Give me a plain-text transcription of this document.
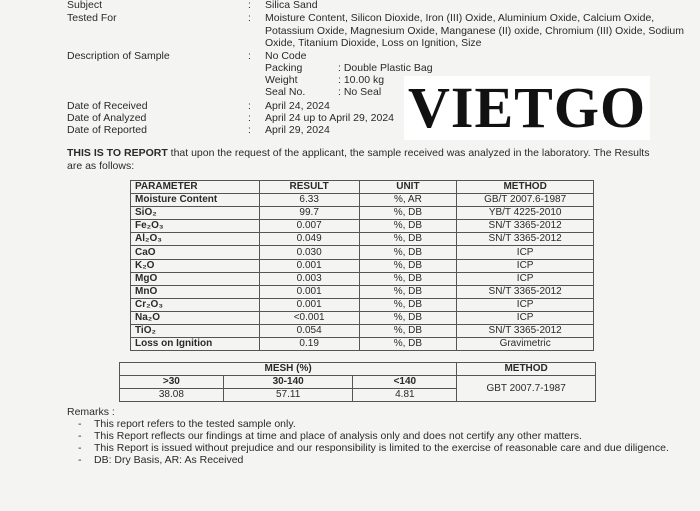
Subject	: Silica Sand
Tested For	: Moisture Content, Silicon Dioxide, Iron (III) Oxide, Aluminium Oxide, Calcium Oxide, Potassium Oxide, Magnesium Oxide, Manganese (II) oxide, Chromium (III) Oxide, Sodium Oxide, Titanium Dioxide, Loss on Ignition, Size
Description of Sample	: No Code
Packing	: Double Plastic Bag
Weight	: 10.00 kg
Seal No.	: No Seal
Date of Received	: April 24, 2024
Date of Analyzed	: April 24 up to April 29, 2024
Date of Reported	: April 29, 2024	VIETGO
THIS IS TO REPORT that upon the request of the applicant, the sample received was analyzed in the laboratory. The Results are as follows:
PARAMETER	RESULT	UNIT	METHOD
Moisture Content	6.33	%, AR	GB/T 2007.6-1987
SiO₂	99.7	%, DB	YB/T 4225-2010
Fe₂O₃	0.007	%, DB	SN/T 3365-2012
Al₂O₃	0.049	%, DB	SN/T 3365-2012
CaO	0.030	%, DB	ICP
K₂O	0.001	%, DB	ICP
MgO	0.003	%, DB	ICP
MnO	0.001	%, DB	SN/T 3365-2012
Cr₂O₃	0.001	%, DB	ICP
Na₂O	<0.001	%, DB	ICP
TiO₂	0.054	%, DB	SN/T 3365-2012
Loss on Ignition	0.19	%, DB	Gravimetric
MESH (%)			METHOD
>30	30-140	<140	GBT 2007.7-1987
38.08	57.11	4.81	
Remarks :
- This report refers to the tested sample only.
- This Report reflects our findings at time and place of analysis only and does not certify any other matters.
- This Report is issued without prejudice and our responsibility is limited to the exercise of reasonable care and due diligence.
- DB: Dry Basis, AR: As Received
